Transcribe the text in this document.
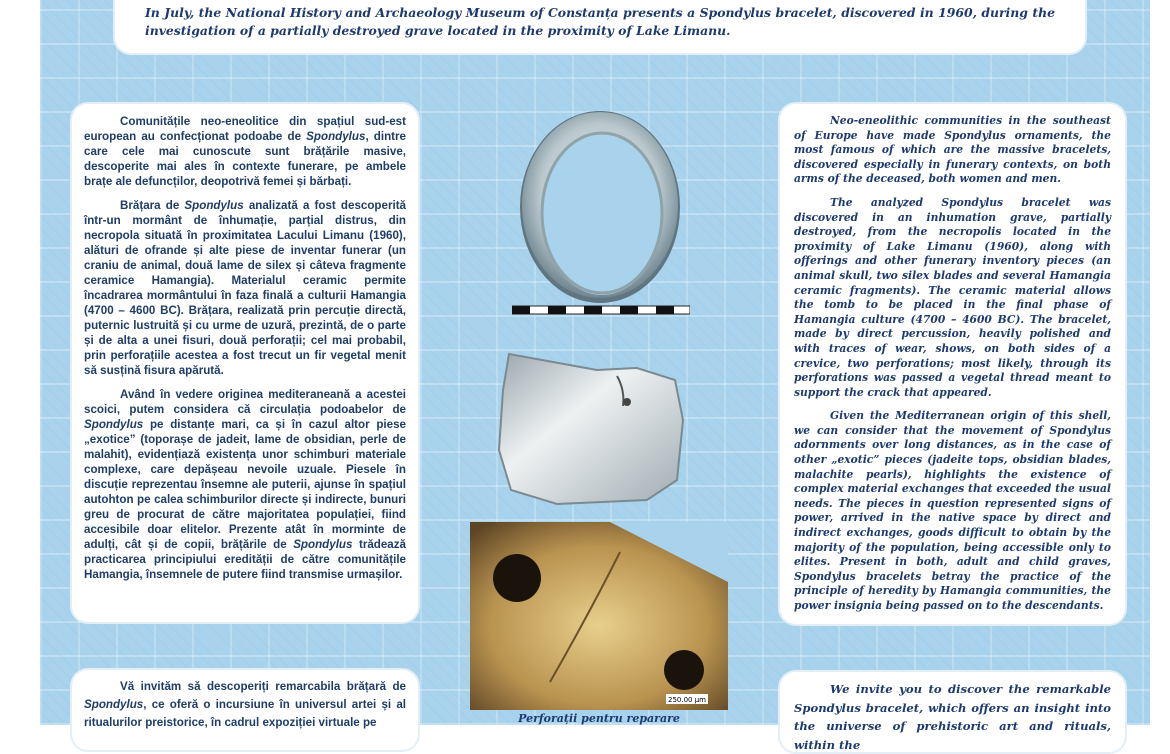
In July, the National History and Archaeology Museum of Constanța presents a Spondylus bracelet, discovered in 1960, during the investigation of a partially destroyed grave located in the proximity of Lake Limanu.

Comunitățile neo-eneolitice din spațiul sud-est european au confecționat podoabe de Spondylus, dintre care cele mai cunoscute sunt brățările masive, descoperite mai ales în contexte funerare, pe ambele brațe ale defuncților, deopotrivă femei și bărbați.

Brățara de Spondylus analizată a fost descoperită într-un mormânt de înhumație, parțial distrus, din necropola situată în proximitatea Lacului Limanu (1960), alături de ofrande și alte piese de inventar funerar (un craniu de animal, două lame de silex și câteva fragmente ceramice Hamangia). Materialul ceramic permite încadrarea mormântului în faza finală a culturii Hamangia (4700 – 4600 BC). Brățara, realizată prin percuție directă, puternic lustruită și cu urme de uzură, prezintă, de o parte și de alta a unei fisuri, două perforații; cel mai probabil, prin perforațiile acestea a fost trecut un fir vegetal menit să susțină fisura apărută.

Având în vedere originea mediteraneană a acestei scoici, putem considera că circulația podoabelor de Spondylus pe distanțe mari, ca și în cazul altor piese „exotice” (toporașe de jadeit, lame de obsidian, perle de malahit), evidențiază existența unor schimburi materiale complexe, care depășeau nevoile uzuale. Piesele în discuție reprezentau însemne ale puterii, ajunse în spațiul autohton pe calea schimburilor directe și indirecte, bunuri greu de procurat de către majoritatea populației, fiind accesibile doar elitelor. Prezente atât în morminte de adulți, cât și de copii, brățările de Spondylus trădează practicarea principiului eredității de către comunitățile Hamangia, însemnele de putere fiind transmise urmașilor.

Neo-eneolithic communities in the southeast of Europe have made Spondylus ornaments, the most famous of which are the massive bracelets, discovered especially in funerary contexts, on both arms of the deceased, both women and men.

The analyzed Spondylus bracelet was discovered in an inhumation grave, partially destroyed, from the necropolis located in the proximity of Lake Limanu (1960), along with offerings and other funerary inventory pieces (an animal skull, two silex blades and several Hamangia ceramic fragments). The ceramic material allows the tomb to be placed in the final phase of Hamangia culture (4700 – 4600 BC). The bracelet, made by direct percussion, heavily polished and with traces of wear, shows, on both sides of a crevice, two perforations; most likely, through its perforations was passed a vegetal thread meant to support the crack that appeared.

Given the Mediterranean origin of this shell, we can consider that the movement of Spondylus adornments over long distances, as in the case of other „exotic” pieces (jadeite tops, obsidian blades, malachite pearls), highlights the existence of complex material exchanges that exceeded the usual needs. The pieces in question represented signs of power, arrived in the native space by direct and indirect exchanges, goods difficult to obtain by the majority of the population, being accessible only to elites. Present in both, adult and child graves, Spondylus bracelets betray the practice of the principle of heredity by Hamangia communities, the power insignia being passed on to the descendants.

Vă invităm să descoperiți remarcabila brățară de Spondylus, ce oferă o incursiune în universul artei și al ritualurilor preistorice, în cadrul expoziției virtuale pe

We invite you to discover the remarkable Spondylus bracelet, which offers an insight into the universe of prehistoric art and rituals, within the

250.00 µm
Perforații pentru reparare
